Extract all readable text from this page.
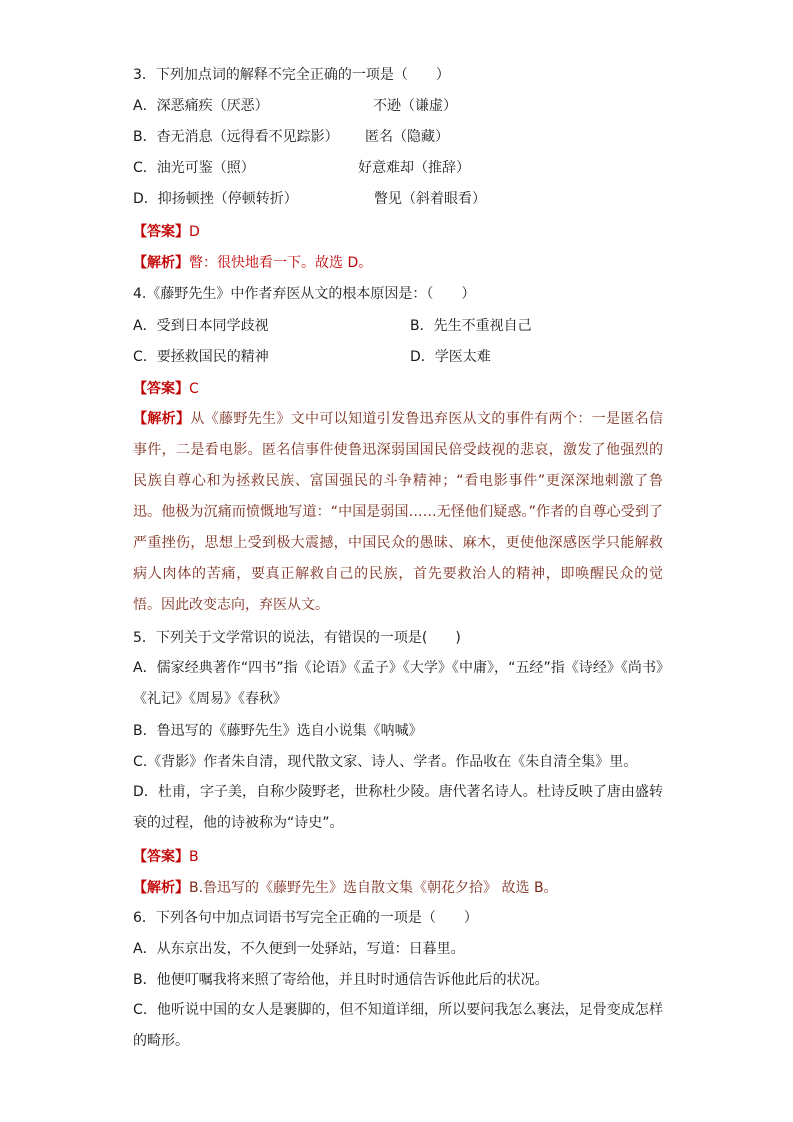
3．下列加点词的解释不完全正确的一项是（　　）
A．深恶痛疾（厌恶）	不逊（谦虚）
B．杳无消息（远得看不见踪影） 匿名（隐藏）
C．油光可鉴（照）	好意难却（推辞）
D．抑扬顿挫（停顿转折）	瞥见（斜着眼看）
【答案】D
【解析】瞥：很快地看一下。故选 D。
4.《藤野先生》中作者弃医从文的根本原因是：（　　）
A．受到日本同学歧视	B．先生不重视自己
C．要拯救国民的精神	D．学医太难
【答案】C
【解析】从《藤野先生》文中可以知道引发鲁迅弃医从文的事件有两个：一是匿名信事件，二是看电影。匿名信事件使鲁迅深弱国国民倍受歧视的悲哀，激发了他强烈的民族自尊心和为拯救民族、富国强民的斗争精神；“看电影事件”更深深地刺激了鲁迅。他极为沉痛而愤慨地写道：“中国是弱国……无怪他们疑惑。”作者的自尊心受到了严重挫伤，思想上受到极大震撼，中国民众的愚昧、麻木，更使他深感医学只能解救病人肉体的苦痛，要真正解救自己的民族，首先要救治人的精神，即唤醒民众的觉悟。因此改变志向，弃医从文。
5．下列关于文学常识的说法，有错误的一项是(　　)
A．儒家经典著作“四书”指《论语》《孟子》《大学》《中庸》，“五经”指《诗经》《尚书》《礼记》《周易》《春秋》
B．鲁迅写的《藤野先生》选自小说集《呐喊》
C.《背影》作者朱自清，现代散文家、诗人、学者。作品收在《朱自清全集》里。
D．杜甫，字子美，自称少陵野老，世称杜少陵。唐代著名诗人。杜诗反映了唐由盛转衰的过程，他的诗被称为“诗史”。
【答案】B
【解析】B.鲁迅写的《藤野先生》选自散文集《朝花夕拾》 故选 B。
6．下列各句中加点词语书写完全正确的一项是（　　）
A．从东京出发，不久便到一处驿站，写道：日暮里。
B．他便叮嘱我将来照了寄给他，并且时时通信告诉他此后的状况。
C．他听说中国的女人是裹脚的，但不知道详细，所以要问我怎么裹法，足骨变成怎样的畸形。
